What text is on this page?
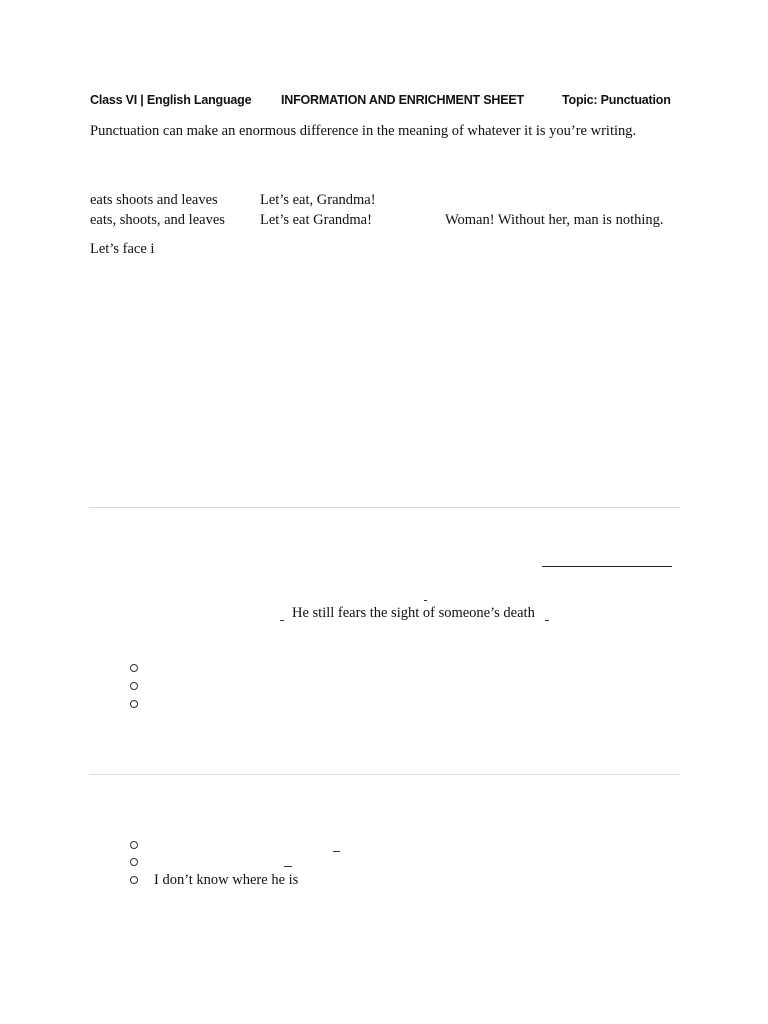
Class VI | English Language INFORMATION AND ENRICHMENT SHEET	Topic: Punctuation
Punctuation can make an enormous difference in the meaning of whatever it is you’re writing.
eats shoots and leaves
eats, shoots, and leaves
Let’s eat, Grandma!
Let’s eat Grandma!	Woman! Without her, man is nothing.
Let’s face i
He still fears the sight of someone’s death
I don’t know where he is
